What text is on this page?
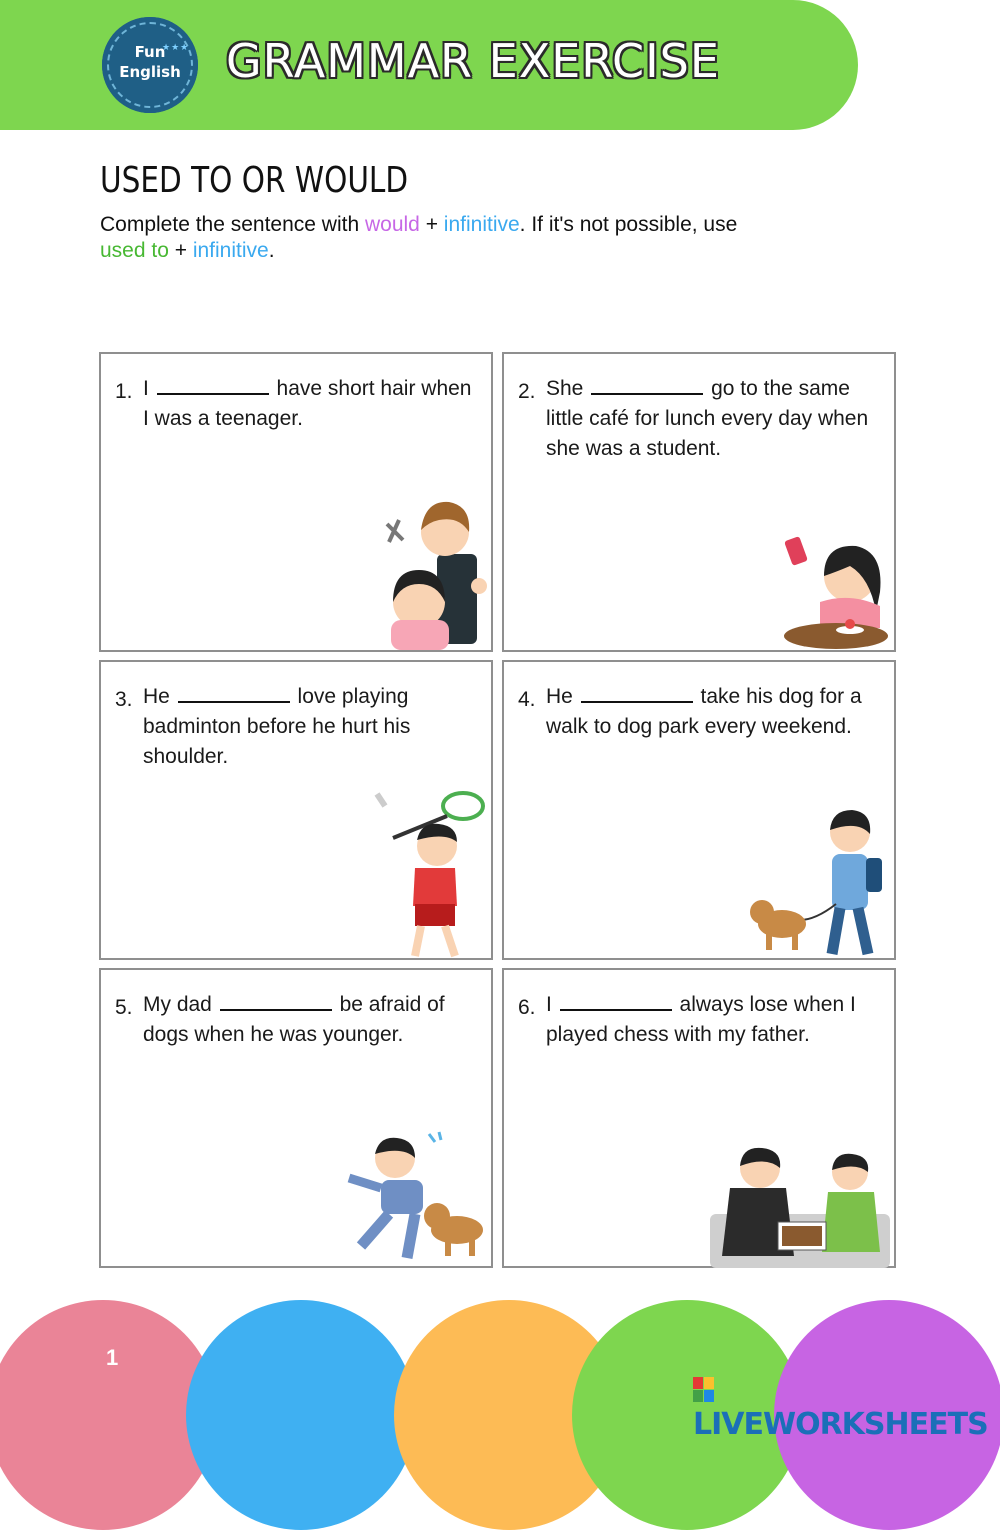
Fun
English
★★★ GRAMMAR EXERCISE
USED TO OR WOULD
Complete the sentence with would + infinitive. If it's not possible, use used to + infinitive.
1. I	have short hair when I was a teenager.
2. She	go to the same little café for lunch every day when she was a student.
3. He	love playing badminton before he hurt his shoulder.
4. He	take his dog for a walk to dog park every weekend.
5. My dad	be afraid of dogs when he was younger.
6. I	always lose when I played chess with my father.
1
LIVEWORKSHEETS
